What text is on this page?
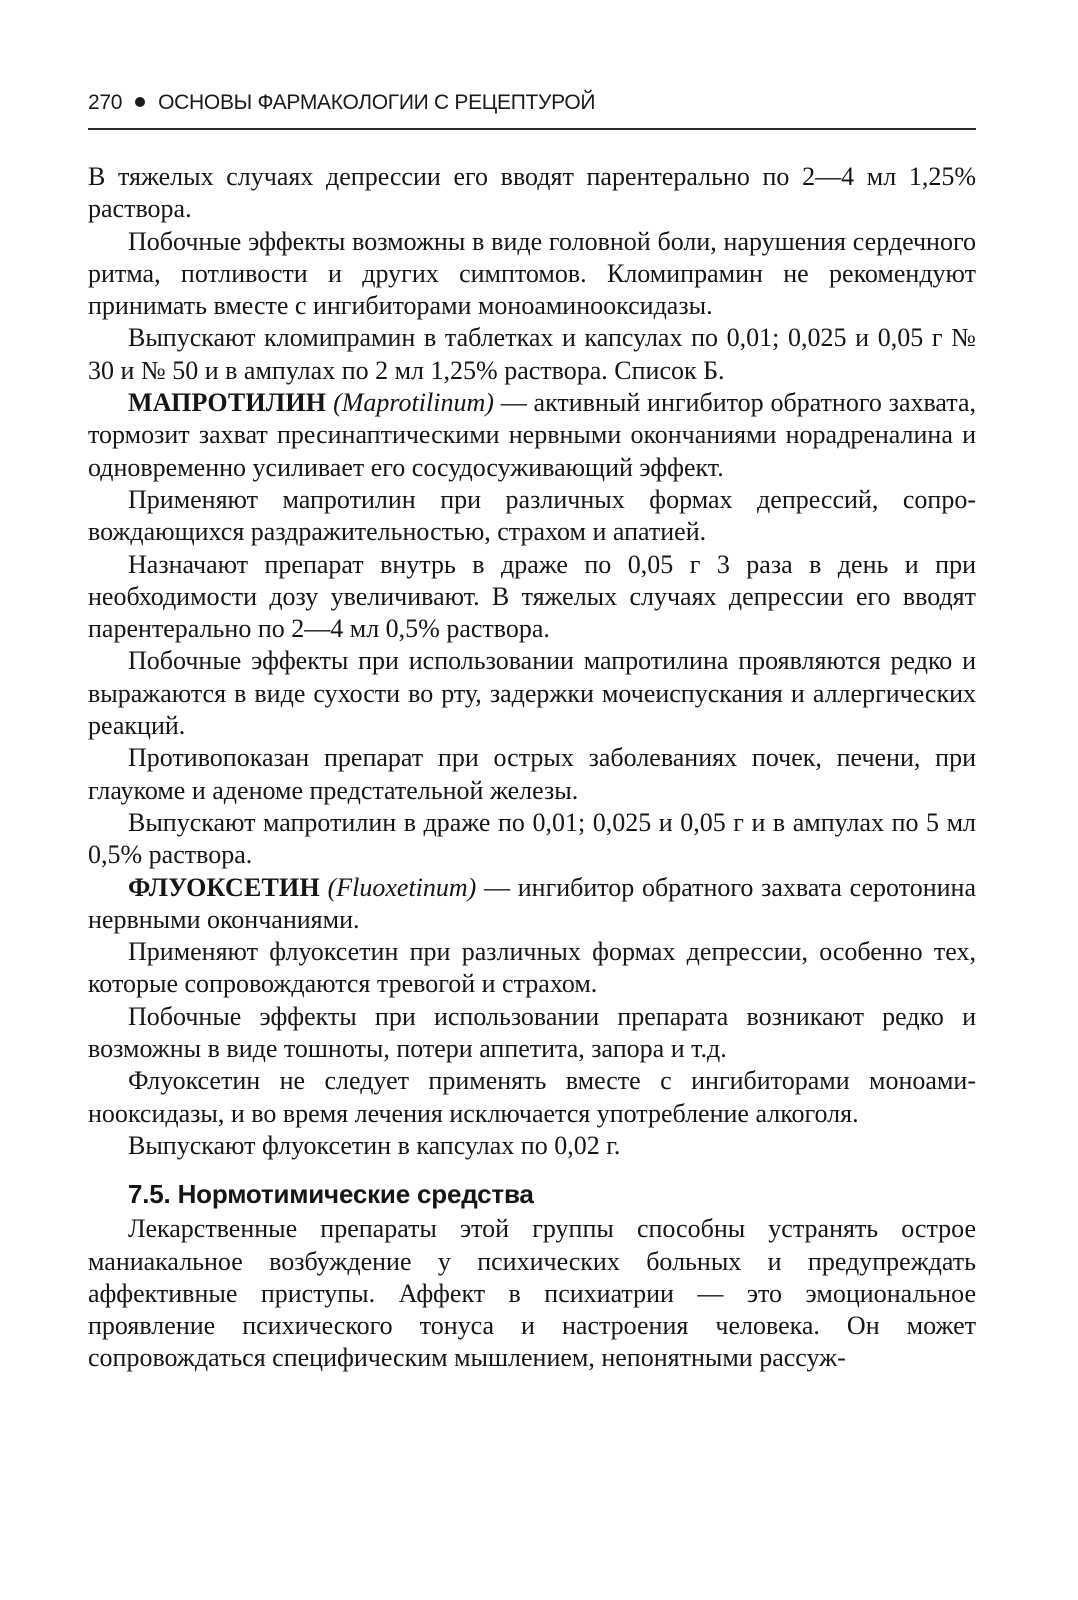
270 ОСНОВЫ ФАРМАКОЛОГИИ С РЕЦЕПТУРОЙ

В тяжелых случаях депрессии его вводят парентерально по 2—4 мл 1,25% раствора.

Побочные эффекты возможны в виде головной боли, нарушения сердечного ритма, потливости и других симптомов. Кломипрамин не рекомендуют принимать вместе с ингибиторами моноаминооксидазы.

Выпускают кломипрамин в таблетках и капсулах по 0,01; 0,025 и 0,05 г № 30 и № 50 и в ампулах по 2 мл 1,25% раствора. Список Б.

МАПРОТИЛИН (Maprotilinum) — активный ингибитор обратного захвата, тормозит захват пресинаптическими нервными окончаниями норадреналина и одновременно усиливает его сосудосуживающий эффект.

Применяют мапротилин при различных формах депрессий, сопровождающихся раздражительностью, страхом и апатией.

Назначают препарат внутрь в драже по 0,05 г 3 раза в день и при необходимости дозу увеличивают. В тяжелых случаях депрессии его вводят парентерально по 2—4 мл 0,5% раствора.

Побочные эффекты при использовании мапротилина проявляются редко и выражаются в виде сухости во рту, задержки мочеиспускания и аллергических реакций.

Противопоказан препарат при острых заболеваниях почек, печени, при глаукоме и аденоме предстательной железы.

Выпускают мапротилин в драже по 0,01; 0,025 и 0,05 г и в ампулах по 5 мл 0,5% раствора.

ФЛУОКСЕТИН (Fluoxetinum) — ингибитор обратного захвата серотонина нервными окончаниями.

Применяют флуоксетин при различных формах депрессии, особенно тех, которые сопровождаются тревогой и страхом.

Побочные эффекты при использовании препарата возникают редко и возможны в виде тошноты, потери аппетита, запора и т.д.

Флуоксетин не следует применять вместе с ингибиторами моноаминооксидазы, и во время лечения исключается употребление алкоголя.

Выпускают флуоксетин в капсулах по 0,02 г.

7.5. Нормотимические средства

Лекарственные препараты этой группы способны устранять острое маниакальное возбуждение у психических больных и предупреждать аффективные приступы. Аффект в психиатрии — это эмоциональное проявление психического тонуса и настроения человека. Он может сопровождаться специфическим мышлением, непонятными рассуж-
